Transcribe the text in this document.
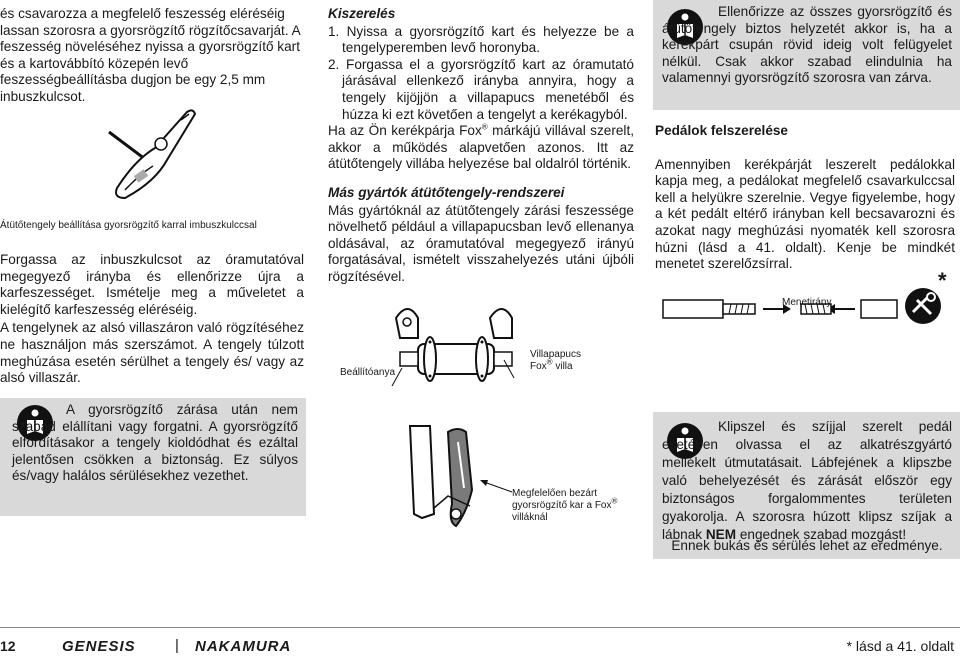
és csavarozza a megfelelő feszesség eléréséig lassan szorosra a gyorsrögzítő rögzítőcsavarját. A feszesség növeléséhez nyissa a gyorsrögzítő kart és a kartovábbító közepén levő feszességbeállításba dugjon be egy 2,5 mm inbuszkulcsot.

Átütőtengely beállítása gyorsrögzítő karral imbuszkulccsal

Forgassa az inbuszkulcsot az óramutatóval megegyező irányba és ellenőrizze újra a karfeszességet. Ismételje meg a műveletet a kielégítő karfeszesség eléréséig.

A tengelynek az alsó villaszáron való rögzítéséhez ne használjon más szerszámot. A tengely túlzott meghúzása esetén sérülhet a tengely és/ vagy az alsó villaszár.

A gyorsrögzítő zárása után nem szabad elállítani vagy forgatni. A gyorsrögzítő elfordításakor a tengely kioldódhat és ezáltal jelentősen csökken a biztonság. Ez súlyos és/vagy halálos sérülésekhez vezethet.
Kiszerelés

1. Nyissa a gyorsrögzítő kart és helyezze be a tengelyperemben levő horonyba.

2. Forgassa el a gyorsrögzítő kart az óramutató járásával ellenkező irányba annyira, hogy a tengely kijöjjön a villapapucs menetéből és húzza ki ezt követően a tengelyt a kerékagyból.

Ha az Ön kerékpárja Fox® márkájú villával szerelt, akkor a működés alapvetően azonos. Itt az átütőtengely villába helyezése bal oldalról történik.

Más gyártók átütőtengely-rendszerei

Más gyártóknál az átütőtengely zárási feszessége növelhető például a villapapucsban levő ellenanya oldásával, az óramutatóval megegyező irányú forgatásával, ismételt visszahelyezés utáni újbóli rögzítésével.

Beállítóanya
Villapapucs
Fox® villa
Megfelelően bezárt gyorsrögzítő kar a Fox® villáknál
Ellenőrizze az összes gyorsrögzítő és átütőtengely biztos helyzetét akkor is, ha a kerékpárt csupán rövid ideig volt felügyelet nélkül. Csak akkor szabad elindulnia ha valamennyi gyorsrögzítő szorosra van zárva.
Pedálok felszerelése

Amennyiben kerékpárját leszerelt pedálokkal kapja meg, a pedálokat megfelelő csavarkulccsal kell a helyükre szerelnie. Vegye figyelembe, hogy a két pedált eltérő irányban kell becsavarozni és azokat nagy meghúzási nyomaték kell szorosra húzni (lásd a 41. oldalt). Kenje be mindkét menetet szerelőzsírral.

Menetirány
*
Klipszel és szíjjal szerelt pedál esetében olvassa el az alkatrészgyártó mellékelt útmutatásait. Lábfejének a klipszbe való behelyezését és zárását először egy biztonságos forgalommentes területen gyakorolja. A szorosra húzott klipsz szíjak a lábnak NEM engednek szabad mozgást!
Ennek bukás és sérülés lehet az eredménye.
12	GENESIS	| NAKAMURA	* lásd a 41. oldalt
